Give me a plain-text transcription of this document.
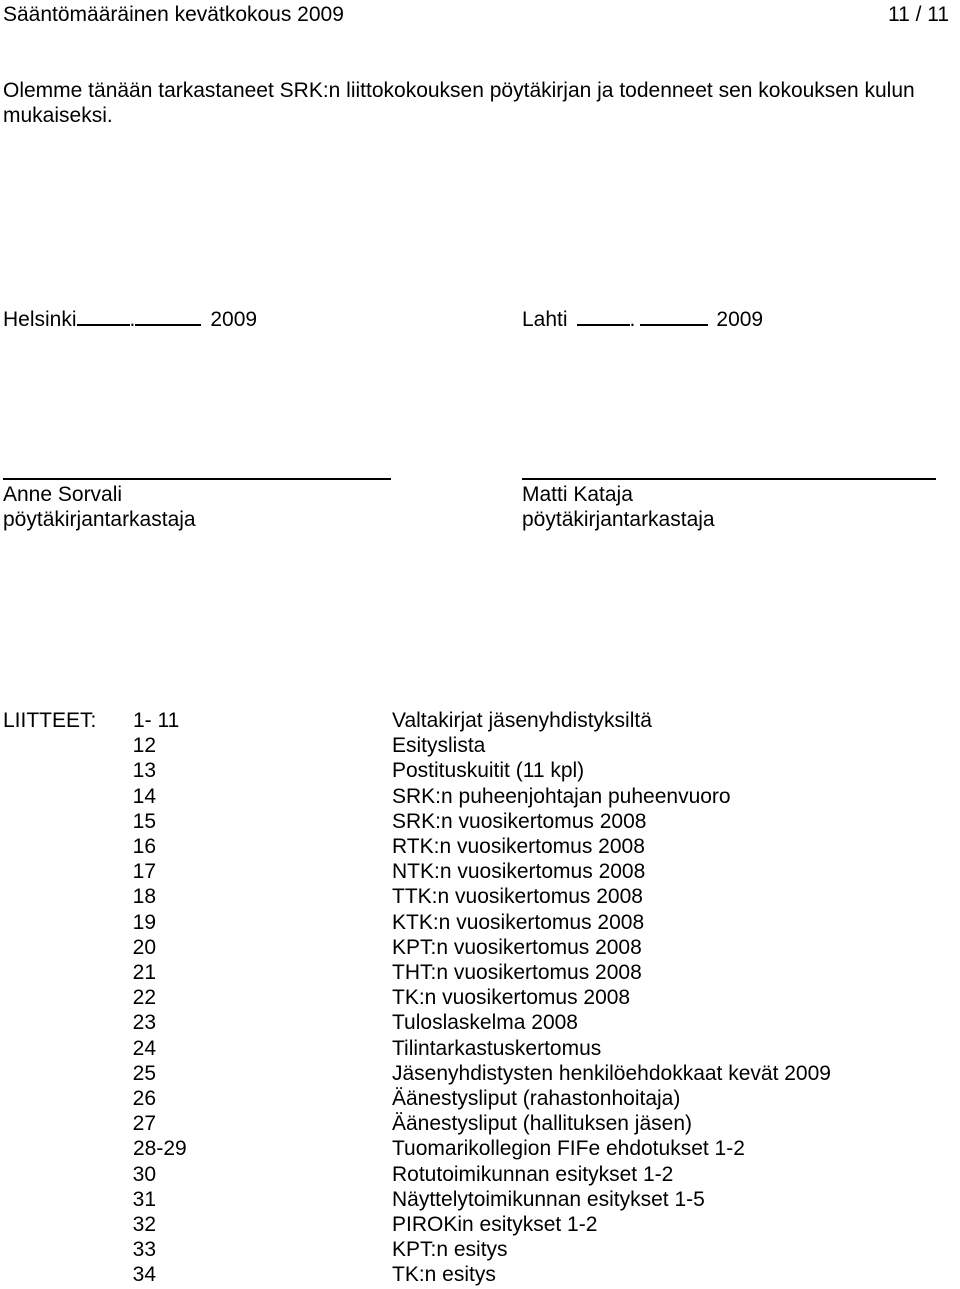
Sääntömääräinen kevätkokous 2009	11 / 11
Olemme tänään tarkastaneet SRK:n liittokokouksen pöytäkirjan ja todenneet sen kokouksen kulun
mukaiseksi.
Helsinki	.	2009	Lahti	.	2009
Anne Sorvali
pöytäkirjantarkastaja
Matti Kataja
pöytäkirjantarkastaja
LIITTEET: 1- 11	Valtakirjat jäsenyhdistyksiltä
12	Esityslista
13	Postituskuitit (11 kpl)
14	SRK:n puheenjohtajan puheenvuoro
15	SRK:n vuosikertomus 2008
16	RTK:n vuosikertomus 2008
17	NTK:n vuosikertomus 2008
18	TTK:n vuosikertomus 2008
19	KTK:n vuosikertomus 2008
20	KPT:n vuosikertomus 2008
21	THT:n vuosikertomus 2008
22	TK:n vuosikertomus 2008
23	Tuloslaskelma 2008
24	Tilintarkastuskertomus
25	Jäsenyhdistysten henkilöehdokkaat kevät 2009
26	Äänestysliput (rahastonhoitaja)
27	Äänestysliput (hallituksen jäsen)
28-29	Tuomarikollegion FIFe ehdotukset 1-2
30	Rotutoimikunnan esitykset 1-2
31	Näyttelytoimikunnan esitykset 1-5
32	PIROKin esitykset 1-2
33	KPT:n esitys
34	TK:n esitys
